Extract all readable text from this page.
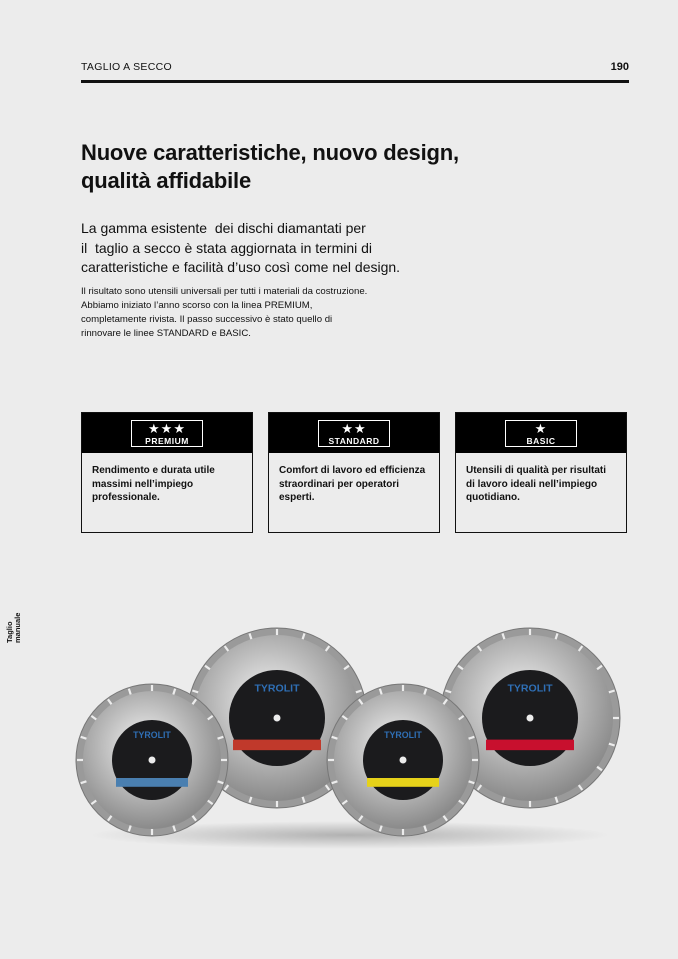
TAGLIO A SECCO	190
Nuove caratteristiche, nuovo design,
qualità affidabile
La gamma esistente  dei dischi diamantati per
il  taglio a secco è stata aggiornata in termini di
caratteristiche e facilità d’uso così come nel design.
Il risultato sono utensili universali per tutti i materiali da costruzione.
Abbiamo iniziato l’anno scorso con la linea PREMIUM,
completamente rivista. Il passo successivo è stato quello di
rinnovare le linee STANDARD e BASIC.
★★★
PREMIUM
Rendimento e durata utile
massimi nell’impiego
professionale.
★★
STANDARD
Comfort di lavoro ed efficienza
straordinari per operatori
esperti.
★
BASIC
Utensili di qualità per risultati
di lavoro ideali nell’impiego
quotidiano.
Taglio manuale
TYROLIT	TYROLIT
TYROLIT	TYROLIT
